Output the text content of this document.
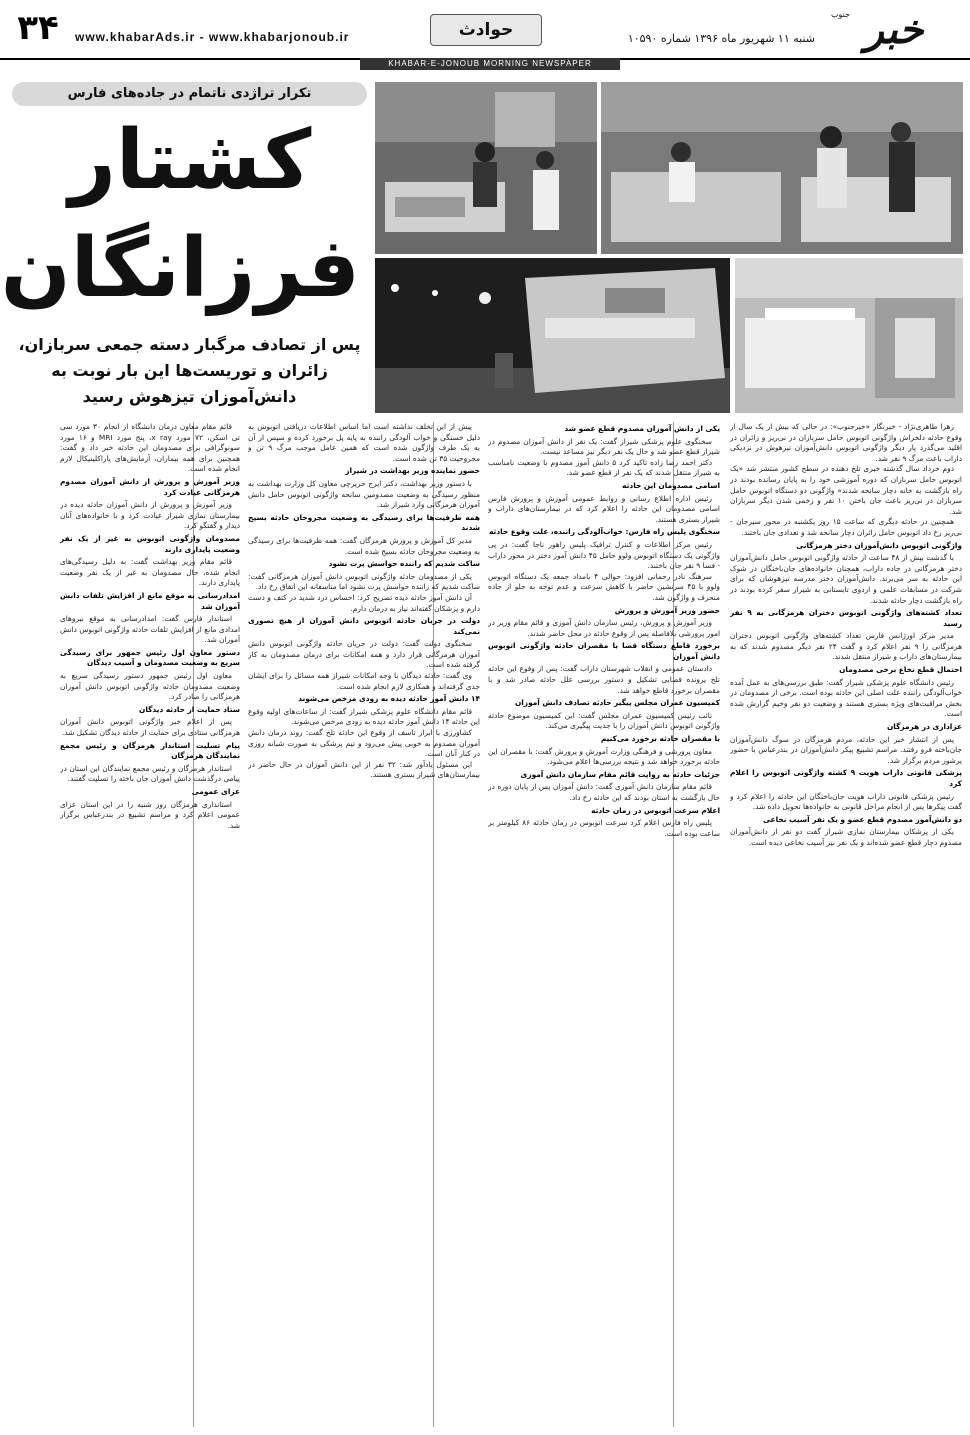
۳۴	www.khabarAds.ir - www.khabarjonoub.ir	حوادث	شنبه ۱۱ شهریور ماه ۱۳۹۶ شماره ۱۰۵۹۰	خبر
جنوب
KHABAR-E-JONOUB MORNING NEWSPAPER
تکرار تراژدی ناتمام در جاده‌های فارس
کشتار
فرزانگان
پس از تصادف مرگبار دسته جمعی سربازان، زائران و توریست‌ها این بار نوبت به دانش‌آموزان تیزهوش رسید
زهرا طاهری‌نژاد - خبرنگار «خبرجنوب»: در حالی که بیش از یک سال از وقوع حادثه دلخراش واژگونی اتوبوس حامل سربازان در نی‌ریز و زائران در اقلید می‌گذرد یار دیگر واژگونی اتوبوس دانش‌آموزان تیزهوش در نزدیکی داراب باعث مرگ ۹ نفر شد.
دوم خرداد سال گذشته خبری تلخ دهنده در سطح کشور منتشر شد «یک اتوبوس حامل سربازان که دوره آموزشی خود را به پایان رسانده بودند در راه بازگشت به خانه دچار سانحه شدند» واژگونی دو دستگاه اتوبوس حامل سربازان در نی‌ریز باعث جان باختن ۱۰ نفر و زخمی شدن دیگر سربازان شد.
همچنین در حادثه دیگری که ساعت ۱۵ روز یکشنبه در محور سیرجان - نی‌ریز رخ داد اتوبوس حامل زائران دچار سانحه شد و تعدادی جان باختند.
واژگونی اتوبوس دانش‌آموزان دختر هرمزگانی
با گذشت بیش از ۴۸ ساعت از حادثه واژگونی اتوبوس حامل دانش‌آموزان دختر هرمزگانی در جاده داراب، همچنان خانواده‌های جان‌باختگان در شوک این حادثه به سر می‌برند. دانش‌آموزان دختر مدرسه تیزهوشان که برای شرکت در مسابقات علمی و اردوی تابستانی به شیراز سفر کرده بودند در راه بازگشت دچار حادثه شدند.
تعداد کشته‌های واژگونی اتوبوس دختران هرمزگانی به ۹ نفر رسید
مدیر مرکز اورژانس فارس تعداد کشته‌های واژگونی اتوبوس دختران هرمزگانی را ۹ نفر اعلام کرد و گفت ۲۴ نفر دیگر مصدوم شدند که به بیمارستان‌های داراب و شیراز منتقل شدند.
احتمال قطع نخاع برخی مصدومان
رئیس دانشگاه علوم پزشکی شیراز گفت: طبق بررسی‌های به عمل آمده خواب‌آلودگی راننده علت اصلی این حادثه بوده است. برخی از مصدومان در بخش مراقبت‌های ویژه بستری هستند و وضعیت دو نفر وخیم گزارش شده است.
عزاداری در هرمزگان
پس از انتشار خبر این حادثه، مردم هرمزگان در سوگ دانش‌آموزان جان‌باخته فرو رفتند. مراسم تشییع پیکر دانش‌آموزان در بندرعباس با حضور پرشور مردم برگزار شد.
پزشکی قانونی داراب هویت ۹ کشته واژگونی اتوبوس را اعلام کرد
رئیس پزشکی قانونی داراب هویت جان‌باختگان این حادثه را اعلام کرد و گفت پیکرها پس از انجام مراحل قانونی به خانواده‌ها تحویل داده شد.
دو دانش‌آموز مصدوم قطع عضو و یک نفر آسیب نخاعی
یکی از پزشکان بیمارستان نمازی شیراز گفت دو نفر از دانش‌آموزان مصدوم دچار قطع عضو شده‌اند و یک نفر نیز آسیب نخاعی دیده است.
یکی از دانش آموزان مصدوم قطع عضو شد
سخنگوی علوم پزشکی شیراز گفت: یک نفر از دانش آموزان مصدوم در شیراز قطع عضو شد و حال یک نفر دیگر نیز مساعد نیست.
دکتر احمد رضا زاده تاکید کرد ۵ دانش آموز مصدوم با وضعیت نامناسب به شیراز منتقل شدند که یک نفر از قطع عضو شد.
اسامی مصدومان این حادثه
رئیس اداره اطلاع رسانی و روابط عمومی آموزش و پرورش فارس اسامی مصدومان این حادثه را اعلام کرد که در بیمارستان‌های داراب و شیراز بستری هستند.
سخنگوی پلیس راه فارس: خواب‌آلودگی راننده، علت وقوع حادثه
رئیس مرکز اطلاعات و کنترل ترافیک پلیس راهور ناجا گفت: در پی واژگونی یک دستگاه اتوبوس ولوو حامل ۴۵ دانش آموز دختر در محور داراب - فسا ۹ نفر جان باختند.
سرهنگ نادر رحمانی افزود: حوالی ۴ بامداد جمعه یک دستگاه اتوبوس ولوو با ۴۵ سرنشین حاضر با کاهش سرعت و عدم توجه به جلو از جاده منحرف و واژگون شد.
حضور وزیر آموزش و پرورش
وزیر آموزش و پرورش، رئیس سازمان دانش آموزی و قائم مقام وزیر در امور پرورشی بلافاصله پس از وقوع حادثه در محل حاضر شدند.
برخورد قاطع دستگاه قضا با مقصران حادثه واژگونی اتوبوس دانش آموزان
دادستان عمومی و انقلاب شهرستان داراب گفت: پس از وقوع این حادثه تلخ پرونده قضایی تشکیل و دستور بررسی علل حادثه صادر شد و با مقصران برخورد قاطع خواهد شد.
کمیسیون عمران مجلس پیگیر حادثه تصادف دانش آموزان
نائب رئیس کمیسیون عمران مجلس گفت: این کمیسیون موضوع حادثه واژگونی اتوبوس دانش آموزان را با جدیت پیگیری می‌کند.
با مقصران حادثه برخورد می‌کنیم
معاون پرورشی و فرهنگی وزارت آموزش و پرورش گفت: با مقصران این حادثه برخورد خواهد شد و نتیجه بررسی‌ها اعلام می‌شود.
جزئیات حادثه به روایت قائم مقام سازمان دانش آموزی
قائم مقام سازمان دانش آموزی گفت: دانش آموزان پس از پایان دوره در حال بازگشت به استان بودند که این حادثه رخ داد.
اعلام سرعت اتوبوس در زمان حادثه
پلیس راه فارس اعلام کرد سرعت اتوبوس در زمان حادثه ۸۶ کیلومتر بر ساعت بوده است.
پیش از این تخلف نداشته است اما اساس اطلاعات دریافتی اتوبوس به دلیل خستگی و خواب آلودگی راننده به پایه پل برخورد کرده و سپس از آن به یک طرف واژگون شده است که همین عامل موجب مرگ ۹ تن و مجروحیت ۳۵ تن شده است.
حضور نماینده وزیر بهداشت در شیراز
با دستور وزیر بهداشت، دکتر ایرج حریرچی معاون کل وزارت بهداشت به منظور رسیدگی به وضعیت مصدومین سانحه واژگونی اتوبوس حامل دانش آموزان هرمزگانی وارد شیراز شد.
همه ظرفیت‌ها برای رسیدگی به وضعیت مجروحان حادثه بسیج شدند
مدیر کل آموزش و پرورش هرمزگان گفت: همه ظرفیت‌ها برای رسیدگی به وضعیت مجروحان حادثه بسیج شده است.
ساکت شدیم که راننده حواسش پرت نشود
یکی از مصدومان حادثه واژگونی اتوبوس دانش آموزان هرمزگانی گفت: ساکت شدیم که راننده حواسش پرت نشود اما متاسفانه این اتفاق رخ داد.
آن دانش آموز حادثه دیده تصریح کرد: احساس درد شدید در کتف و دست دارم و پزشکان گفته‌اند نیاز به درمان دارم.
دولت در جریان حادثه اتوبوس دانش آموزان از هیچ تصوری نمی‌کند
سخنگوی دولت گفت: دولت در جریان حادثه واژگونی اتوبوس دانش آموزان هرمزگانی قرار دارد و همه امکانات برای درمان مصدومان به کار گرفته شده است.
وی گفت: حادثه دیدگان با وجه امکانات شیراز همه مسائل را برای ایشان جدی گرفته‌اند و همکاری لازم انجام شده است.
۱۴ دانش آموز حادثه دیده به زودی مرخص می‌شوند
قائم مقام دانشگاه علوم پزشکی شیراز گفت: از ساعات‌های اولیه وقوع این حادثه ۱۴ دانش آموز حادثه دیده به زودی مرخص می‌شوند.
کشاورزی با ابراز تاسف از وقوع این حادثه تلخ گفت: روند درمان دانش آموزان مصدوم به خوبی پیش می‌رود و تیم پزشکی به صورت شبانه روزی در کنار آنان است.
این مسئول یادآور شد: ۳۲ نفر از این دانش آموزان در حال حاضر در بیمارستان‌های شیراز بستری هستند.
قائم مقام معاون درمان دانشگاه از انجام ۳۰ مورد سی تی اسکن، ۷۲ مورد x ray، پنج مورد MRI و ۱۶ مورد سونوگرافی برای مصدومان این حادثه خبر داد و گفت: همچنین برای همه بیماران، آزمایش‌های پاراکلینیکال لازم انجام شده است.
وزیر آموزش و پرورش از دانش آموزان مصدوم هرمزگانی عیادت کرد
وزیر آموزش و پرورش از دانش آموزان حادثه دیده در بیمارستان نمازی شیراز عیادت کرد و با خانواده‌های آنان دیدار و گفتگو کرد.
مصدومان واژگونی اتوبوس به غیر از یک نفر وضعیت پایداری دارند
قائم مقام وزیر بهداشت گفت: به دلیل رسیدگی‌های انجام شده، حال مصدومان به غیر از یک نفر وضعیت پایداری دارند.
امدادرسانی به موقع مانع از افزایش تلفات دانش آموزان شد
استاندار فارس گفت: امدادرسانی به موقع نیروهای امدادی مانع از افزایش تلفات حادثه واژگونی اتوبوس دانش آموزان شد.
دستور معاون اول رئیس جمهور برای رسیدگی سریع به وضعیت مصدومان و آسیب دیدگان
معاون اول رئیس جمهور دستور رسیدگی سریع به وضعیت مصدومان حادثه واژگونی اتوبوس دانش آموزان هرمزگانی را صادر کرد.
ستاد حمایت از حادثه دیدگان
پس از اعلام خبر واژگونی اتوبوس دانش آموزان هرمزگانی ستادی برای حمایت از حادثه دیدگان تشکیل شد.
پیام تسلیت استاندار هرمزگان و رئیس مجمع نمایندگان هرمزگان
استاندار هرمزگان و رئیس مجمع نمایندگان این استان در پیامی درگذشت دانش آموزان جان باخته را تسلیت گفتند.
عزای عمومی
استانداری هرمزگان روز شنبه را در این استان عزای عمومی اعلام کرد و مراسم تشییع در بندرعباس برگزار شد.
